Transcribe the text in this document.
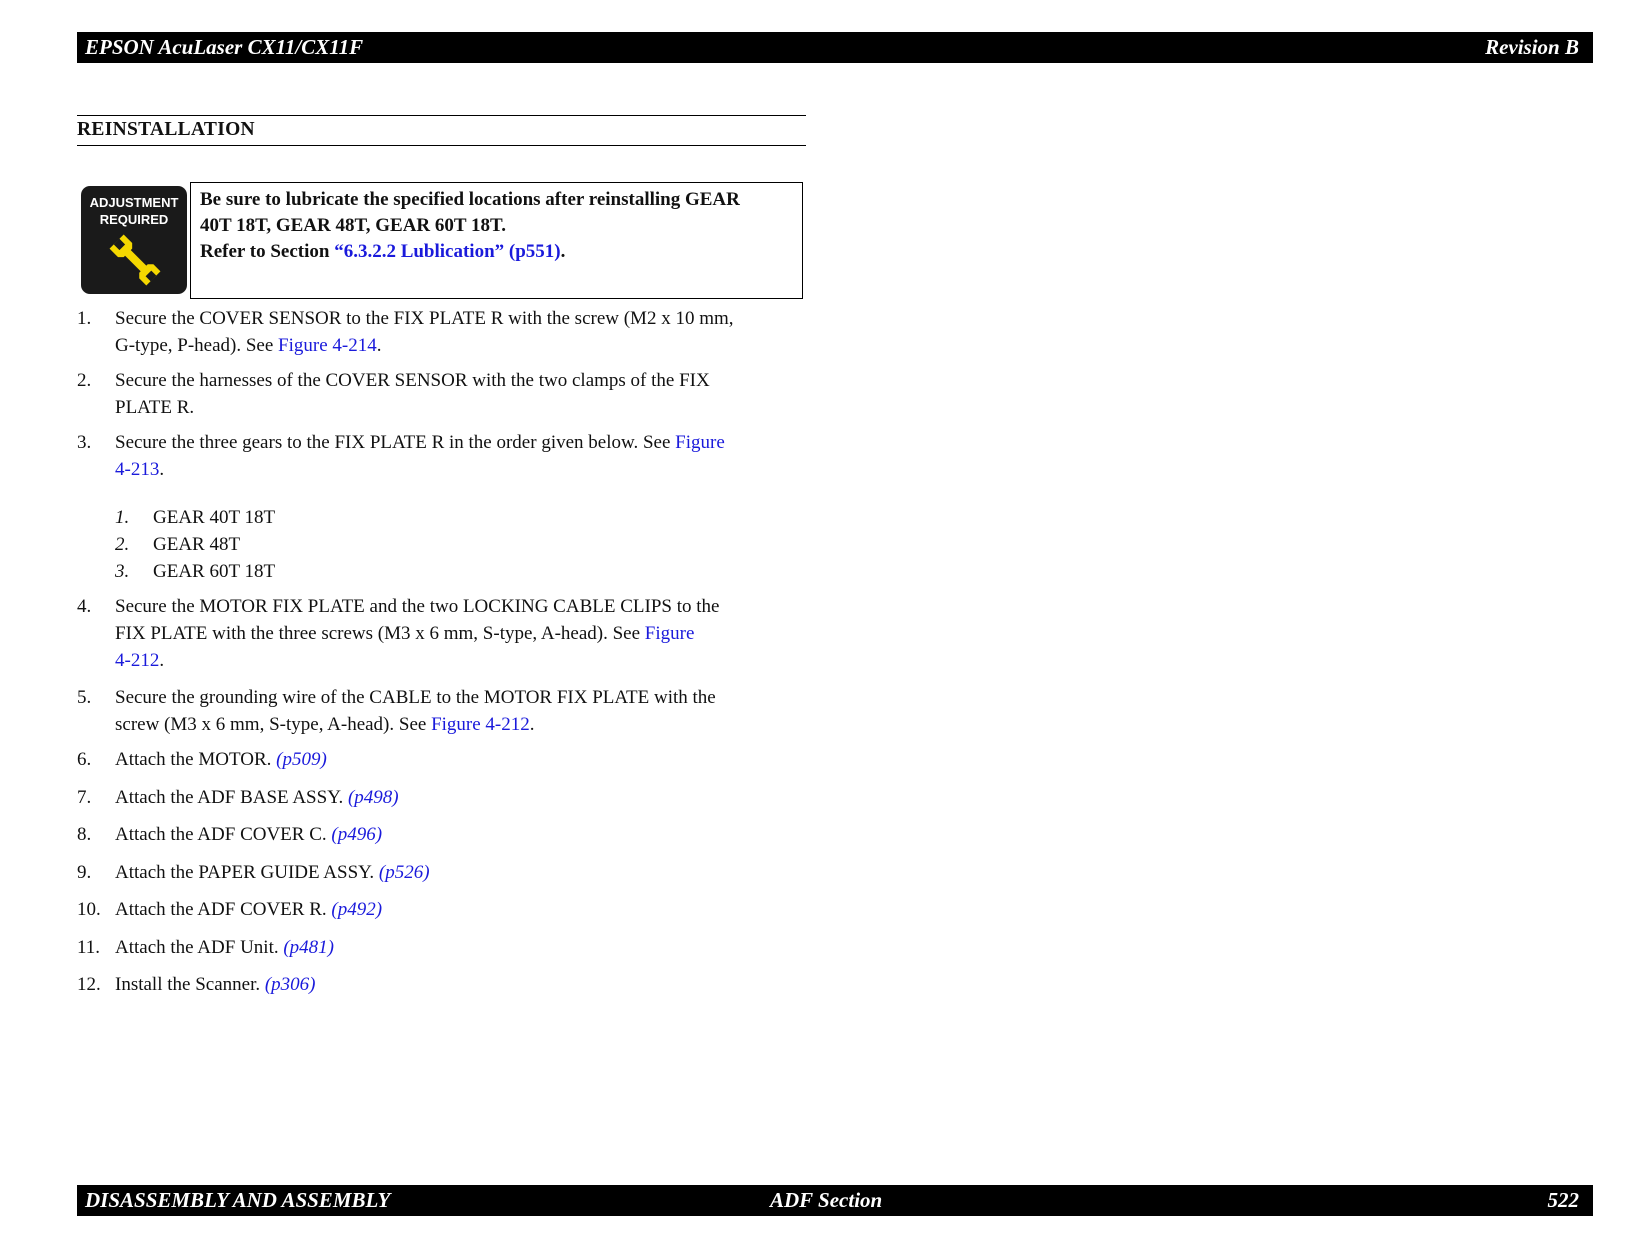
EPSON AcuLaser CX11/CX11F	Revision B
REINSTALLATION
ADJUSTMENT
REQUIRED
Be sure to lubricate the specified locations after reinstalling GEAR
40T 18T, GEAR 48T, GEAR 60T 18T.
Refer to Section “6.3.2.2 Lublication” (p551).
1. Secure the COVER SENSOR to the FIX PLATE R with the screw (M2 x 10 mm,
G-type, P-head). See Figure 4-214.
2. Secure the harnesses of the COVER SENSOR with the two clamps of the FIX
PLATE R.
3. Secure the three gears to the FIX PLATE R in the order given below. See Figure
4-213.
1. GEAR 40T 18T
2. GEAR 48T
3. GEAR 60T 18T
4. Secure the MOTOR FIX PLATE and the two LOCKING CABLE CLIPS to the
FIX PLATE with the three screws (M3 x 6 mm, S-type, A-head). See Figure
4-212.
5. Secure the grounding wire of the CABLE to the MOTOR FIX PLATE with the
screw (M3 x 6 mm, S-type, A-head). See Figure 4-212.
6. Attach the MOTOR. (p509)
7. Attach the ADF BASE ASSY. (p498)
8. Attach the ADF COVER C. (p496)
9. Attach the PAPER GUIDE ASSY. (p526)
10. Attach the ADF COVER R. (p492)
11. Attach the ADF Unit. (p481)
12. Install the Scanner. (p306)
DISASSEMBLY AND ASSEMBLY	ADF Section	522
